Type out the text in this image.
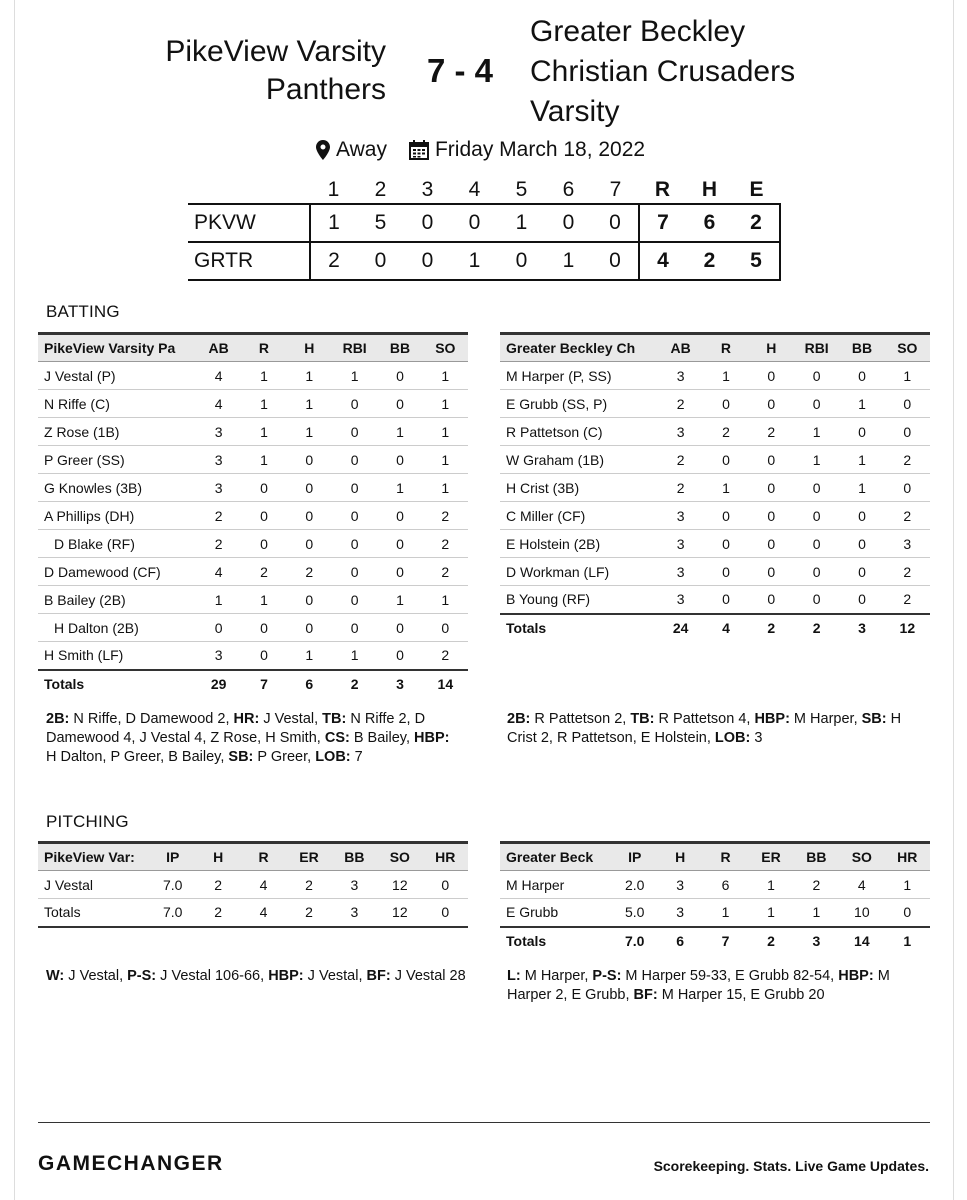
PikeView Varsity
Panthers
7 - 4
Greater Beckley
Christian Crusaders
Varsity
Away Friday March 18, 2022
	1	2	3	4	5	6	7	R	H	E
PKVW	1	5	0	0	1	0	0	7	6	2
GRTR	2	0	0	1	0	1	0	4	2	5
BATTING
PikeView Varsity Pa	AB	R	H	RBI	BB	SO
J Vestal (P)	4	1	1	1	0	1
N Riffe (C)	4	1	1	0	0	1
Z Rose (1B)	3	1	1	0	1	1
P Greer (SS)	3	1	0	0	0	1
G Knowles (3B)	3	0	0	0	1	1
A Phillips (DH)	2	0	0	0	0	2
D Blake (RF)	2	0	0	0	0	2
D Damewood (CF)	4	2	2	0	0	2
B Bailey (2B)	1	1	0	0	1	1
H Dalton (2B)	0	0	0	0	0	0
H Smith (LF)	3	0	1	1	0	2
Totals	29	7	6	2	3	14
Greater Beckley Ch	AB	R	H	RBI	BB	SO
M Harper (P, SS)	3	1	0	0	0	1
E Grubb (SS, P)	2	0	0	0	1	0
R Pattetson (C)	3	2	2	1	0	0
W Graham (1B)	2	0	0	1	1	2
H Crist (3B)	2	1	0	0	1	0
C Miller (CF)	3	0	0	0	0	2
E Holstein (2B)	3	0	0	0	0	3
D Workman (LF)	3	0	0	0	0	2
B Young (RF)	3	0	0	0	0	2
Totals	24	4	2	2	3	12
2B: N Riffe, D Damewood 2, HR: J Vestal, TB: N Riffe 2, D Damewood 4, J Vestal 4, Z Rose, H Smith, CS: B Bailey, HBP: H Dalton, P Greer, B Bailey, SB: P Greer, LOB: 7
2B: R Pattetson 2, TB: R Pattetson 4, HBP: M Harper, SB: H Crist 2, R Pattetson, E Holstein, LOB: 3
PITCHING
PikeView Var:	IP	H	R	ER	BB	SO	HR
J Vestal	7.0	2	4	2	3	12	0
Totals	7.0	2	4	2	3	12	0
Greater Beck	IP	H	R	ER	BB	SO	HR
M Harper	2.0	3	6	1	2	4	1
E Grubb	5.0	3	1	1	1	10	0
Totals	7.0	6	7	2	3	14	1
W: J Vestal, P-S: J Vestal 106-66, HBP: J Vestal, BF: J Vestal 28	L: M Harper, P-S: M Harper 59-33, E Grubb 82-54, HBP: M Harper 2, E Grubb, BF: M Harper 15, E Grubb 20
GAMECHANGER	Scorekeeping. Stats. Live Game Updates.
